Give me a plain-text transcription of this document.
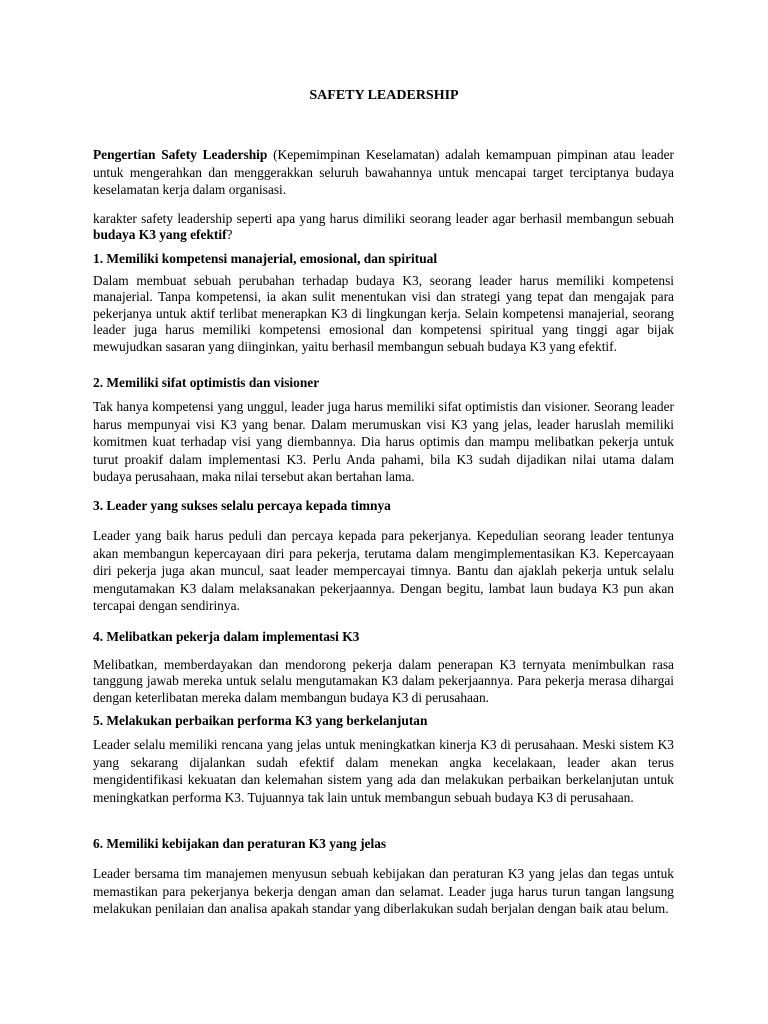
SAFETY LEADERSHIP
Pengertian Safety Leadership (Kepemimpinan Keselamatan) adalah kemampuan pimpinan atau leader untuk mengerahkan dan menggerakkan seluruh bawahannya untuk mencapai target terciptanya budaya keselamatan kerja dalam organisasi.
karakter safety leadership seperti apa yang harus dimiliki seorang leader agar berhasil membangun sebuah budaya K3 yang efektif?
1. Memiliki kompetensi manajerial, emosional, dan spiritual
Dalam membuat sebuah perubahan terhadap budaya K3, seorang leader harus memiliki kompetensi manajerial. Tanpa kompetensi, ia akan sulit menentukan visi dan strategi yang tepat dan mengajak para pekerjanya untuk aktif terlibat menerapkan K3 di lingkungan kerja. Selain kompetensi manajerial, seorang leader juga harus memiliki kompetensi emosional dan kompetensi spiritual yang tinggi agar bijak mewujudkan sasaran yang diinginkan, yaitu berhasil membangun sebuah budaya K3 yang efektif.
2. Memiliki sifat optimistis dan visioner
Tak hanya kompetensi yang unggul, leader juga harus memiliki sifat optimistis dan visioner. Seorang leader harus mempunyai visi K3 yang benar. Dalam merumuskan visi K3 yang jelas, leader haruslah memiliki komitmen kuat terhadap visi yang diembannya. Dia harus optimis dan mampu melibatkan pekerja untuk turut proakif dalam implementasi K3. Perlu Anda pahami, bila K3 sudah dijadikan nilai utama dalam budaya perusahaan, maka nilai tersebut akan bertahan lama.
3. Leader yang sukses selalu percaya kepada timnya
Leader yang baik harus peduli dan percaya kepada para pekerjanya. Kepedulian seorang leader tentunya akan membangun kepercayaan diri para pekerja, terutama dalam mengimplementasikan K3. Kepercayaan diri pekerja juga akan muncul, saat leader mempercayai timnya. Bantu dan ajaklah pekerja untuk selalu mengutamakan K3 dalam melaksanakan pekerjaannya. Dengan begitu, lambat laun budaya K3 pun akan tercapai dengan sendirinya.
4. Melibatkan pekerja dalam implementasi K3
Melibatkan, memberdayakan dan mendorong pekerja dalam penerapan K3 ternyata menimbulkan rasa tanggung jawab mereka untuk selalu mengutamakan K3 dalam pekerjaannya. Para pekerja merasa dihargai dengan keterlibatan mereka dalam membangun budaya K3 di perusahaan.
5. Melakukan perbaikan performa K3 yang berkelanjutan
Leader selalu memiliki rencana yang jelas untuk meningkatkan kinerja K3 di perusahaan. Meski sistem K3 yang sekarang dijalankan sudah efektif dalam menekan angka kecelakaan, leader akan terus mengidentifikasi kekuatan dan kelemahan sistem yang ada dan melakukan perbaikan berkelanjutan untuk meningkatkan performa K3. Tujuannya tak lain untuk membangun sebuah budaya K3 di perusahaan.
6. Memiliki kebijakan dan peraturan K3 yang jelas
Leader bersama tim manajemen menyusun sebuah kebijakan dan peraturan K3 yang jelas dan tegas untuk memastikan para pekerjanya bekerja dengan aman dan selamat. Leader juga harus turun tangan langsung melakukan penilaian dan analisa apakah standar yang diberlakukan sudah berjalan dengan baik atau belum.
